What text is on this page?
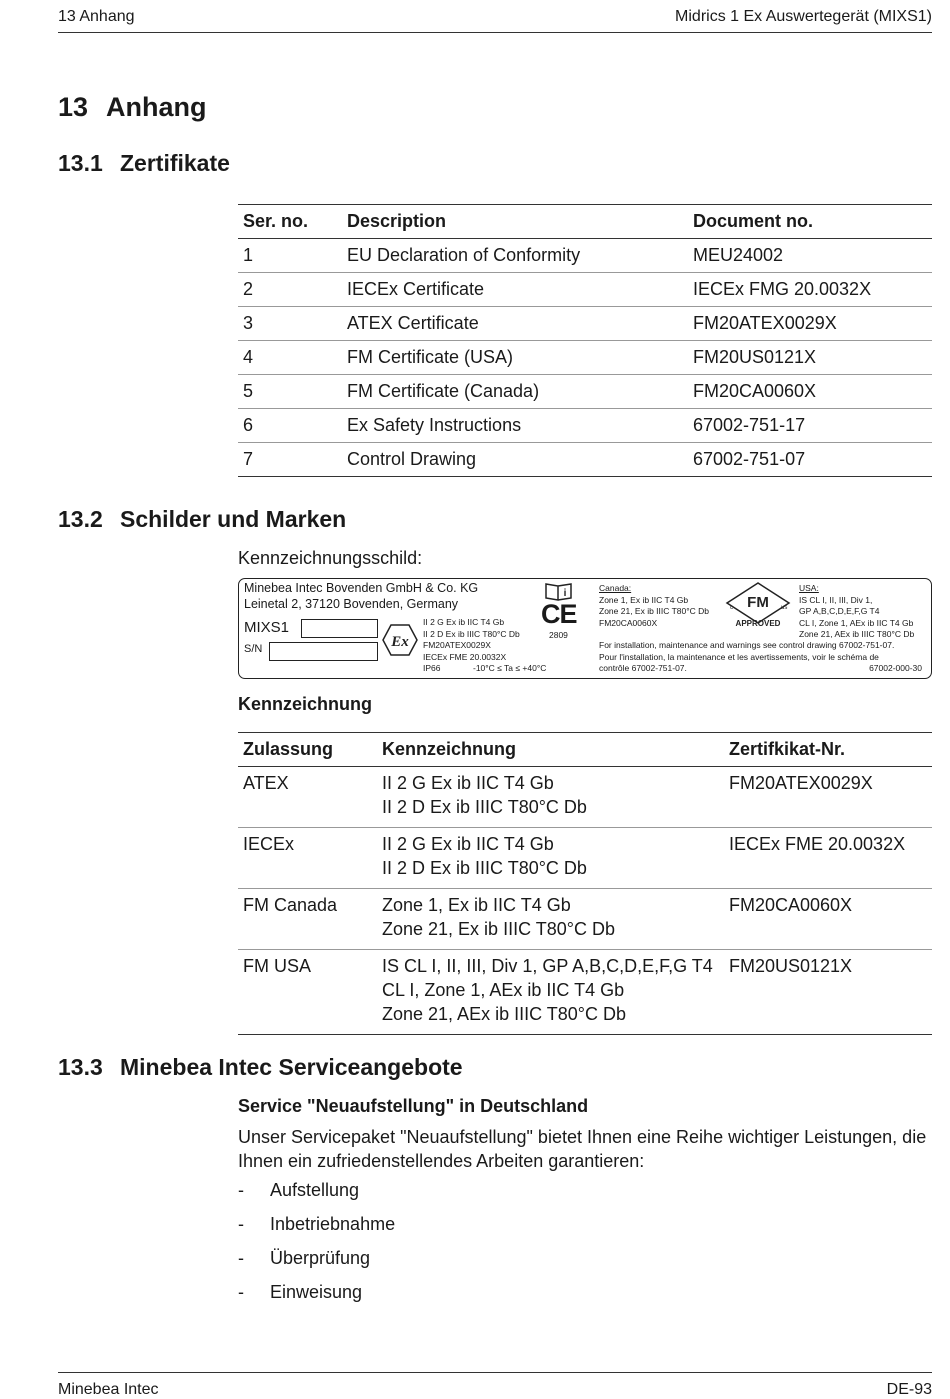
13 Anhang	Midrics 1 Ex Auswertegerät (MIXS1)
13 Anhang
13.1 Zertifikate
Ser. no.	Description	Document no.
1	EU Declaration of Conformity	MEU24002
2	IECEx Certificate	IECEx FMG 20.0032X
3	ATEX Certificate	FM20ATEX0029X
4	FM Certificate (USA)	FM20US0121X
5	FM Certificate (Canada)	FM20CA0060X
6	Ex Safety Instructions	67002-751-17
7	Control Drawing	67002-751-07
13.2 Schilder und Marken

Kennzeichnungsschild:

Minebea Intec Bovenden GmbH & Co. KG
Leinetal 2, 37120 Bovenden, Germany
MIXS1
S/N	Ex
II 2 G Ex ib IIC T4 Gb
II 2 D Ex ib IIIC T80°C Db
FM20ATEX0029X
IECEx FME 20.0032X
IP66	-10°C ≤ Ta ≤ +40°C
i
CE
2809
Canada:
Zone 1, Ex ib IIC T4 Gb
Zone 21, Ex ib IIIC T80°C Db
FM20CA0060X
FM
c	us
APPROVED
USA:
IS CL I, II, III, Div 1,
GP A,B,C,D,E,F,G T4
CL I, Zone 1, AEx ib IIC T4 Gb
Zone 21, AEx ib IIIC T80°C Db
For installation, maintenance and warnings see control drawing 67002-751-07.
Pour l'installation, la maintenance et les avertissements, voir le schéma de
contrôle 67002-751-07.	67002-000-30

Kennzeichnung

Zulassung	Kennzeichnung	Zertifkikat-Nr.
ATEX	II 2 G Ex ib IIC T4 Gb
II 2 D Ex ib IIIC T80°C Db	FM20ATEX0029X
IECEx	II 2 G Ex ib IIC T4 Gb
II 2 D Ex ib IIIC T80°C Db	IECEx FME 20.0032X
FM Canada	Zone 1, Ex ib IIC T4 Gb
Zone 21, Ex ib IIIC T80°C Db	FM20CA0060X
FM USA	IS CL I, II, III, Div 1, GP A,B,C,D,E,F,G T4
CL I, Zone 1, AEx ib IIC T4 Gb
Zone 21, AEx ib IIIC T80°C Db	FM20US0121X
13.3 Minebea Intec Serviceangebote

Service "Neuaufstellung" in Deutschland

Unser Servicepaket "Neuaufstellung" bietet Ihnen eine Reihe wichtiger Leistungen, die Ihnen ein zufriedenstellendes Arbeiten garantieren:

- Aufstellung
- Inbetriebnahme
- Überprüfung
- Einweisung
Minebea Intec	DE-93
